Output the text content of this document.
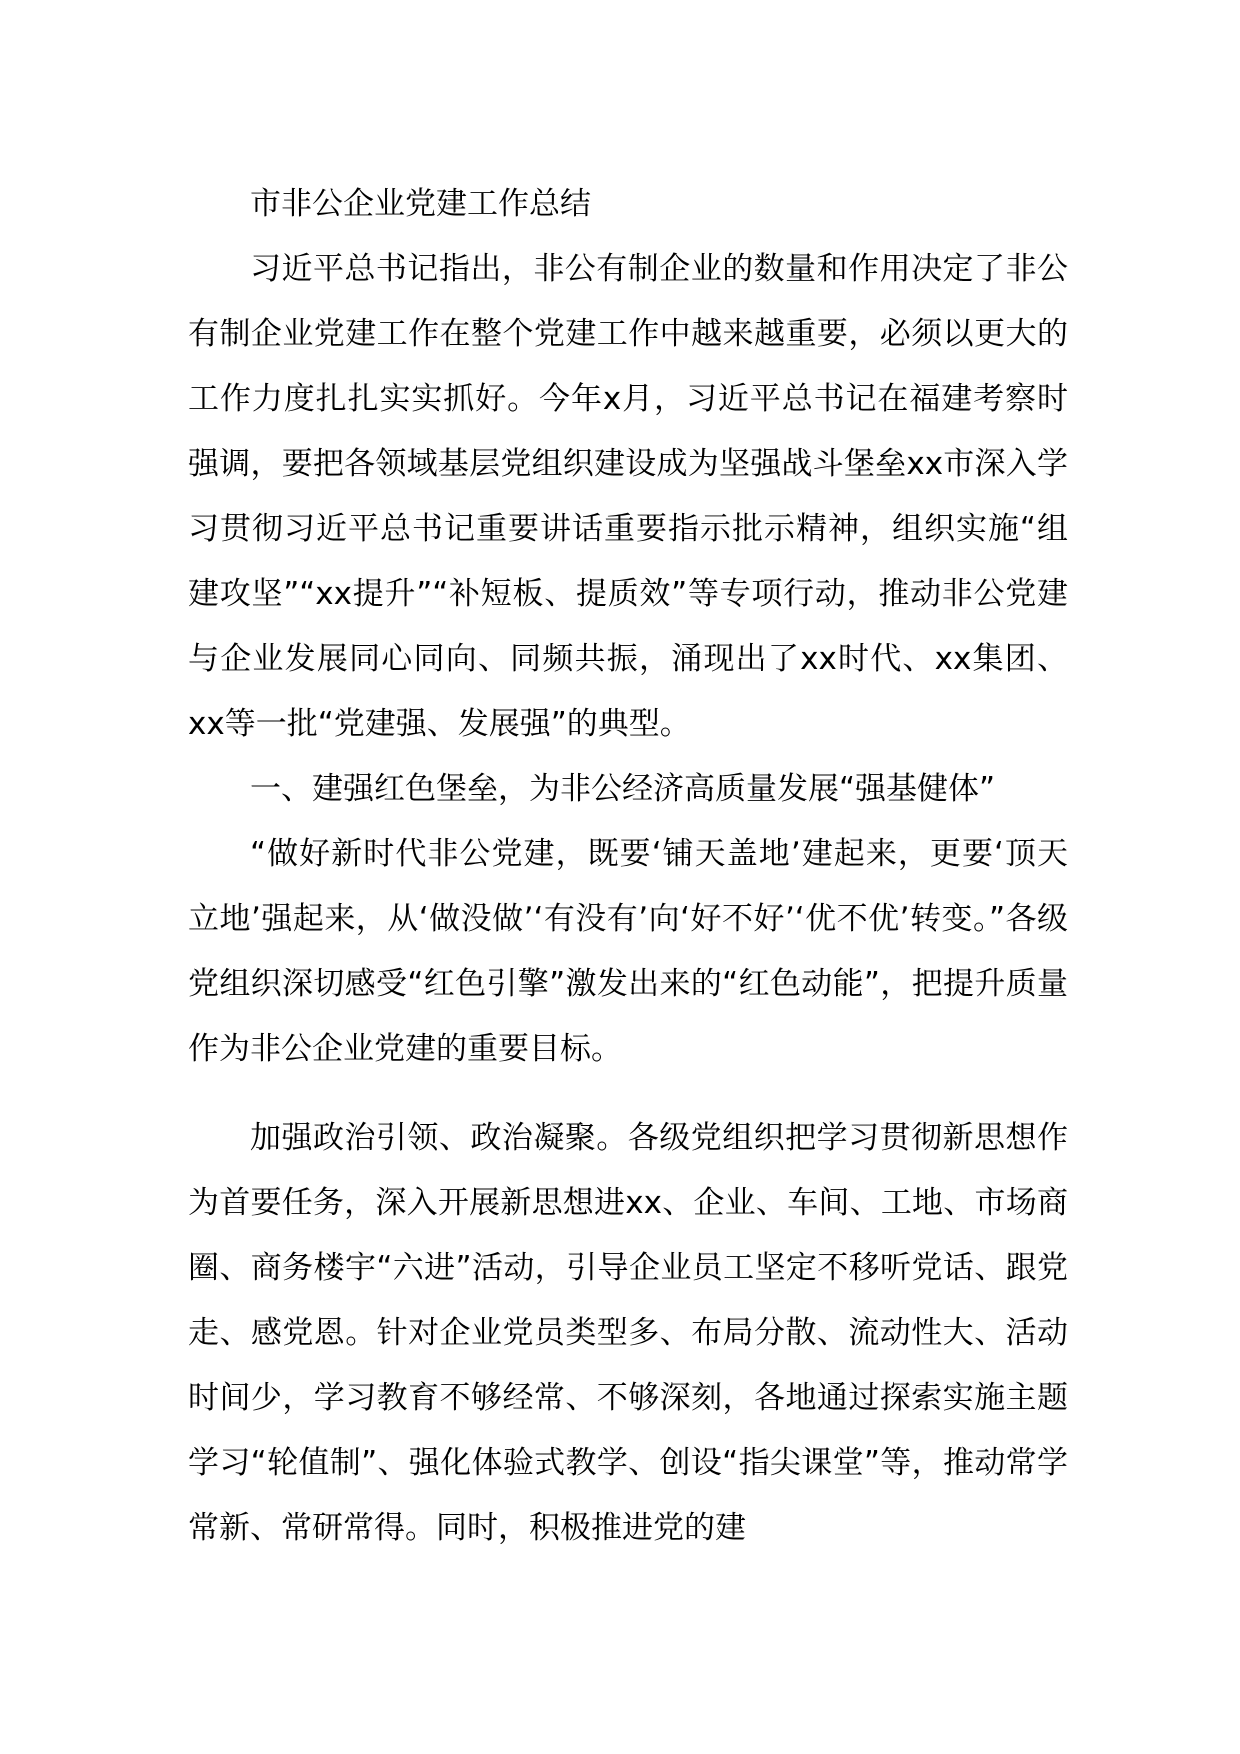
市非公企业党建工作总结

习近平总书记指出，非公有制企业的数量和作用决定了非公有制企业党建工作在整个党建工作中越来越重要，必须以更大的工作力度扎扎实实抓好。今年x月，习近平总书记在福建考察时强调，要把各领域基层党组织建设成为坚强战斗堡垒xx市深入学习贯彻习近平总书记重要讲话重要指示批示精神，组织实施“组建攻坚”“xx提升”“补短板、提质效”等专项行动，推动非公党建与企业发展同心同向、同频共振，涌现出了xx时代、xx集团、xx等一批“党建强、发展强”的典型。

一、建强红色堡垒，为非公经济高质量发展“强基健体”

“做好新时代非公党建，既要‘铺天盖地’建起来，更要‘顶天立地’强起来，从‘做没做’‘有没有’向‘好不好’‘优不优’转变。”各级党组织深切感受“红色引擎”激发出来的“红色动能”，把提升质量作为非公企业党建的重要目标。

加强政治引领、政治凝聚。各级党组织把学习贯彻新思想作为首要任务，深入开展新思想进xx、企业、车间、工地、市场商圈、商务楼宇“六进”活动，引导企业员工坚定不移听党话、跟党走、感党恩。针对企业党员类型多、布局分散、流动性大、活动时间少，学习教育不够经常、不够深刻，各地通过探索实施主题学习“轮值制”、强化体验式教学、创设“指尖课堂”等，推动常学常新、常研常得。同时，积极推进党的建
